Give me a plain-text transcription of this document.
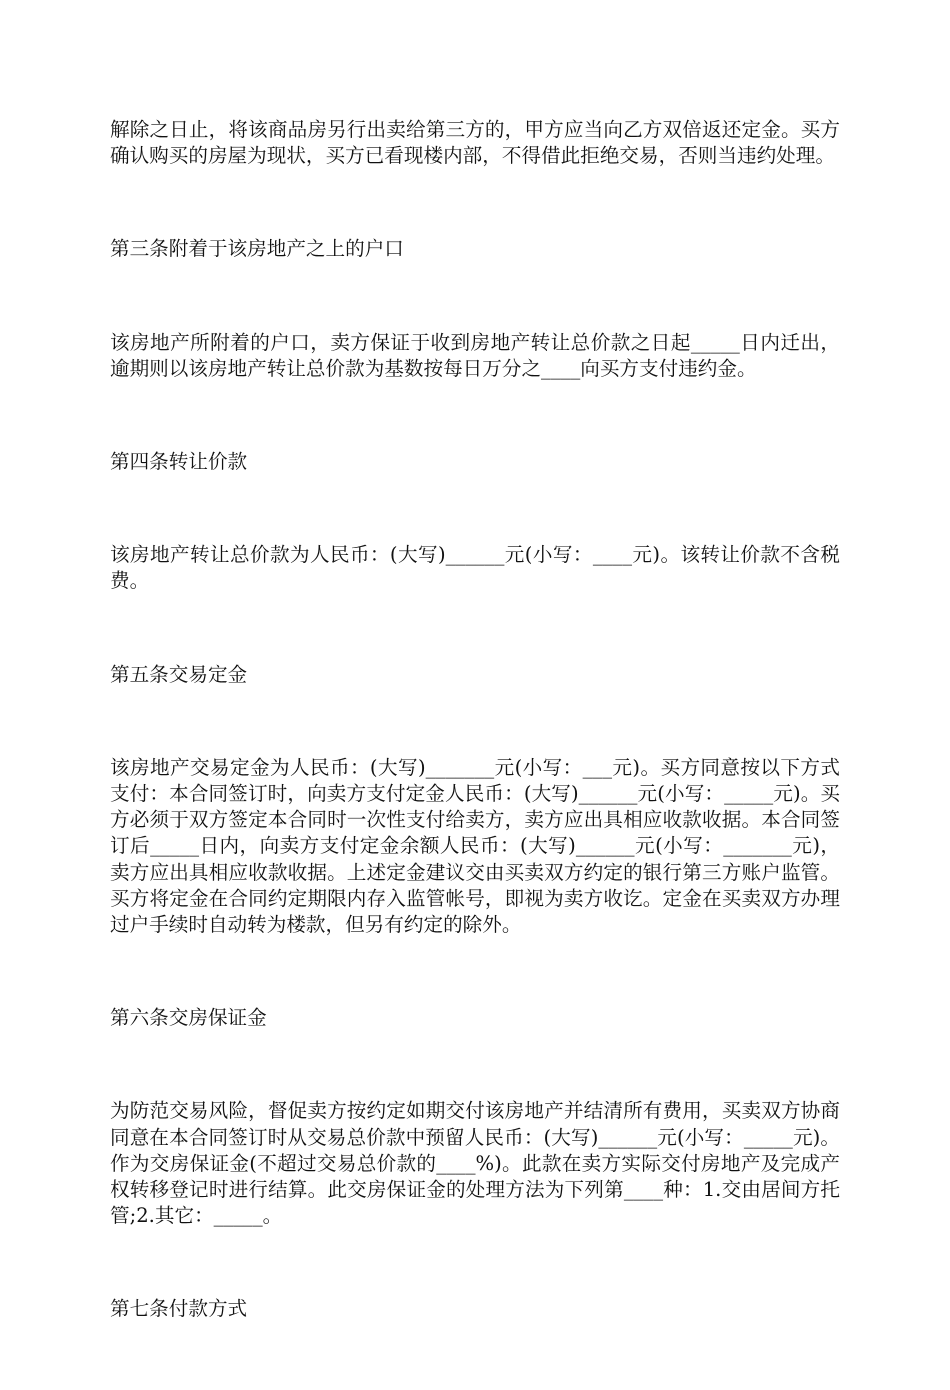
解除之日止，将该商品房另行出卖给第三方的，甲方应当向乙方双倍返还定金。买方确认购买的房屋为现状，买方已看现楼内部，不得借此拒绝交易，否则当违约处理。

第三条附着于该房地产之上的户口

该房地产所附着的户口，卖方保证于收到房地产转让总价款之日起_____日内迁出，逾期则以该房地产转让总价款为基数按每日万分之____向买方支付违约金。

第四条转让价款

该房地产转让总价款为人民币：(大写)______元(小写：____元)。该转让价款不含税费。

第五条交易定金

该房地产交易定金为人民币：(大写)_______元(小写：___元)。买方同意按以下方式支付：本合同签订时，向卖方支付定金人民币：(大写)______元(小写：_____元)。买方必须于双方签定本合同时一次性支付给卖方，卖方应出具相应收款收据。本合同签订后_____日内，向卖方支付定金余额人民币：(大写)______元(小写：_______元)，卖方应出具相应收款收据。上述定金建议交由买卖双方约定的银行第三方账户监管。买方将定金在合同约定期限内存入监管帐号，即视为卖方收讫。定金在买卖双方办理过户手续时自动转为楼款，但另有约定的除外。

第六条交房保证金

为防范交易风险，督促卖方按约定如期交付该房地产并结清所有费用，买卖双方协商同意在本合同签订时从交易总价款中预留人民币：(大写)______元(小写：_____元)。作为交房保证金(不超过交易总价款的____%)。此款在卖方实际交付房地产及完成产权转移登记时进行结算。此交房保证金的处理方法为下列第____种：1.交由居间方托管;2.其它：_____。

第七条付款方式
